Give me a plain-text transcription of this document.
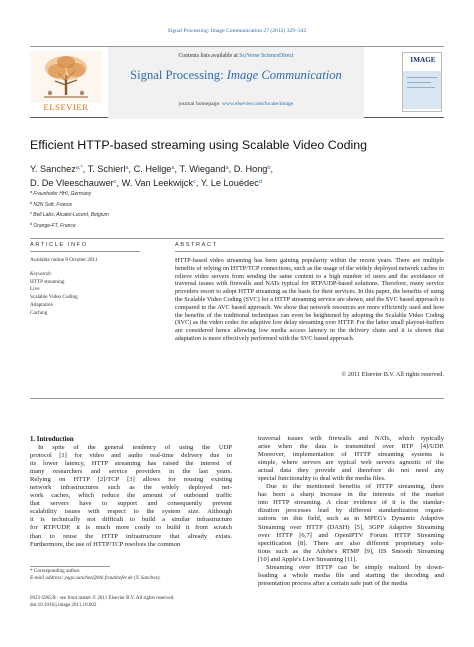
Signal Processing: Image Communication 27 (2012) 329–342
ELSEVIER
Contents lists available at SciVerse ScienceDirect
Signal Processing: Image Communication
journal homepage: www.elsevier.com/locate/image
IMAGE
Efficient HTTP-based streaming using Scalable Video Coding
Y. Sanchez$^{a,*}$, T. Schierl$^a$, C. Hellge$^a$, T. Wiegand$^a$, D. Hong$^b$,
D. De Vleeschauwer$^c$, W. Van Leekwijck$^c$, Y. Le Louédec$^d$
$^a$ Fraunhofer HHI, Germany
$^b$ N2N Soft, France
$^c$ Bell Labs, Alcatel-Lucent, Belgium
$^d$ Orange-FT, France
ARTICLE INFO	ABSTRACT
Available online 8 October 2011
Keywords:
HTTP streaming
Live
Scalable Video Coding
Adaptation
Caching
HTTP-based video streaming has been gaining popularity within the recent years. There are multiple benefits of relying on HTTP/TCP connections, such as the usage of the widely deployed network caches to relieve video servers from sending the same content to a high number of users and the avoidance of traversal issues with firewalls and NATs typical for RTP/UDP-based solutions. Therefore, many service providers resort to adopt HTTP streaming as the basis for their services. In this paper, the benefits of using the Scalable Video Coding (SVC) for a HTTP streaming service are shown, and the SVC based approach is compared to the AVC based approach. We show that network resources are more efficiently used and how the benefits of the traditional techniques can even be heightened by adopting the Scalable Video Coding (SVC) as the video codec for adaptive low delay streaming over HTTP. For the latter small playout-buffers are considered hence allowing low media access latency in the delivery chain and it is shown that adaptation is more effectively performed with the SVC based approach.
© 2011 Elsevier B.V. All rights reserved.
1. Introduction
In spite of the general tendency of using the UDP
protocol [1] for video and audio real-time delivery due to
its lower latency, HTTP streaming has raised the interest of
many researchers and service providers in the last years.
Relying on HTTP [2]/TCP [3] allows for reusing existing
network infrastructures such as the widely deployed net-
work caches, which reduce the amount of outbound traffic
that servers have to support and consequently prevent
scalability issues with respect to the system size. Although
it is technically not difficult to build a similar infrastructure
for RTP/UDP, it is much more costly to build it from scratch
than to reuse the HTTP infrastructure that already exists.
Furthermore, the use of HTTP/TCP resolves the common
traversal issues with firewalls and NATs, which typically
arise when the data is transmitted over RTP [4]/UDP.
Moreover, implementation of HTTP streaming systems is
simple, where servers are typical web servers agnostic of the
actual data they provide and therefore do not need any
special functionality to deal with the media files.
Due to the mentioned benefits of HTTP streaming, there
has been a sharp increase in the interests of the market
into HTTP streaming. A clear evidence of it is the standar-
dization processes lead by different standardization organi-
zations on this field, such as in MPEG's Dynamic Adaptive
Streaming over HTTP (DASH) [5], 3GPP Adaptive Streaming
over HTTP [6,7] and OpenIPTV Forum HTTP Streaming
specification [8]. There are also different proprietary solu-
tions such as the Adobe's RTMP [9], IIS Smooth Streaming
[10] and Apple's Live Streaming [11].
Streaming over HTTP can be simply realized by down-
loading a whole media file and starting the decoding and
presentation process after a certain safe part of the media
* Corresponding author.
E-mail address: yago.sanchez@hhi.fraunhofer.de (Y. Sanchez).
0923-5965/$ - see front matter © 2011 Elsevier B.V. All rights reserved.
doi:10.1016/j.image.2011.10.002
